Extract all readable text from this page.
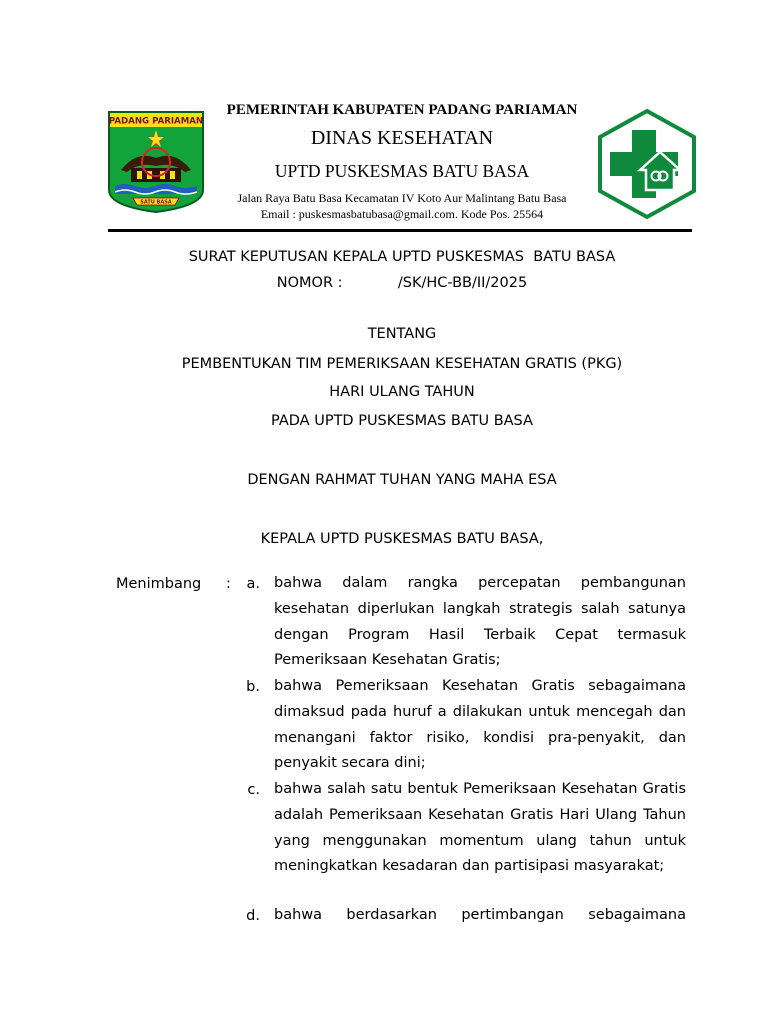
PADANG PARIAMAN
SATU BASA
PEMERINTAH KABUPATEN PADANG PARIAMAN
DINAS KESEHATAN
UPTD PUSKESMAS BATU BASA
Jalan Raya Batu Basa Kecamatan IV Koto Aur Malintang Batu Basa
Email : puskesmasbatubasa@gmail.com. Kode Pos. 25564
SURAT KEPUTUSAN KEPALA UPTD PUSKESMAS  BATU BASA
NOMOR :	/SK/HC-BB/II/2025
TENTANG
PEMBENTUKAN TIM PEMERIKSAAN KESEHATAN GRATIS (PKG)
HARI ULANG TAHUN
PADA UPTD PUSKESMAS BATU BASA
DENGAN RAHMAT TUHAN YANG MAHA ESA
KEPALA UPTD PUSKESMAS BATU BASA,
Menimbang :	a. bahwa dalam rangka percepatan pembangunan kesehatan diperlukan langkah strategis salah satunya dengan Program Hasil Terbaik Cepat termasuk Pemeriksaan Kesehatan Gratis;
b. bahwa Pemeriksaan Kesehatan Gratis sebagaimana dimaksud pada huruf a dilakukan untuk mencegah dan menangani faktor risiko, kondisi pra-penyakit, dan penyakit secara dini;
c. bahwa salah satu bentuk Pemeriksaan Kesehatan Gratis adalah Pemeriksaan Kesehatan Gratis Hari Ulang Tahun yang menggunakan momentum ulang tahun untuk meningkatkan kesadaran dan partisipasi masyarakat;
d. bahwa berdasarkan pertimbangan sebagaimana
